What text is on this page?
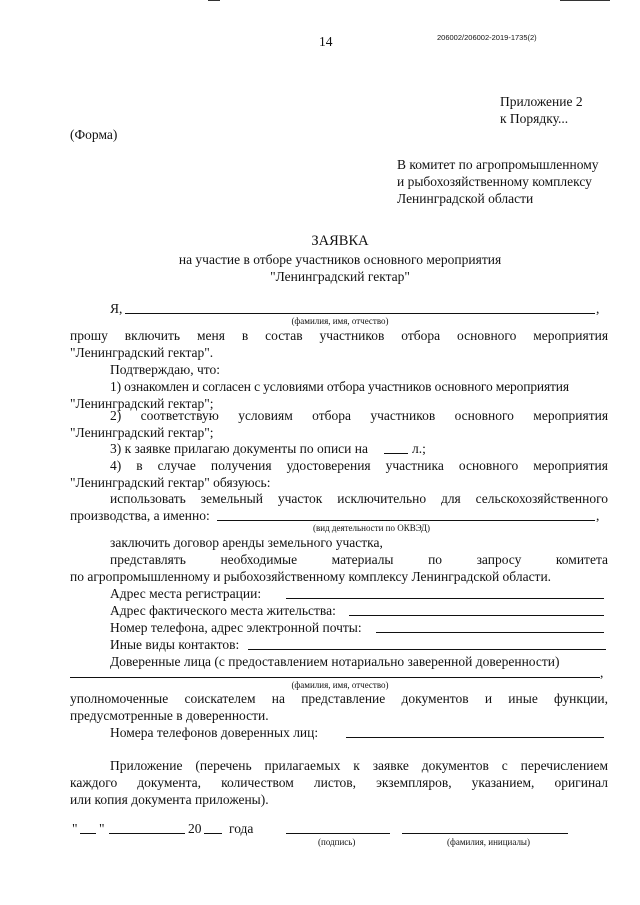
14	206002/206002-2019-1735(2)
Приложение 2
к Порядку...
(Форма)
В комитет по агропромышленному
и рыбохозяйственному комплексу
Ленинградской области
ЗАЯВКА
на участие в отборе участников основного мероприятия
"Ленинградский гектар"
Я,	,
(фамилия, имя, отчество)
прошу включить меня в состав участников отбора основного мероприятия
"Ленинградский гектар".
Подтверждаю, что:
1) ознакомлен и согласен с условиями отбора участников основного мероприятия
"Ленинградский гектар";
2) соответствую условиям отбора участников основного мероприятия
"Ленинградский гектар";
3) к заявке прилагаю документы по описи на	л.;
4) в случае получения удостоверения участника основного мероприятия
"Ленинградский гектар" обязуюсь:
использовать земельный участок исключительно для сельскохозяйственного
производства, а именно:	,
(вид деятельности по ОКВЭД)
заключить договор аренды земельного участка,
представлять	необходимые	материалы	по	запросу	комитета
по агропромышленному и рыбохозяйственному комплексу Ленинградской области.
Адрес места регистрации:
Адрес фактического места жительства:
Номер телефона, адрес электронной почты:
Иные виды контактов:
Доверенные лица (с предоставлением нотариально заверенной доверенности)
,
(фамилия, имя, отчество)
уполномоченные соискателем на представление документов и иные функции,
предусмотренные в доверенности.
Номера телефонов доверенных лиц:
Приложение (перечень прилагаемых к заявке документов с перечислением
каждого документа, количеством листов, экземпляров, указанием, оригинал
или копия документа приложены).
" "	20 года
(подпись)	(фамилия, инициалы)
